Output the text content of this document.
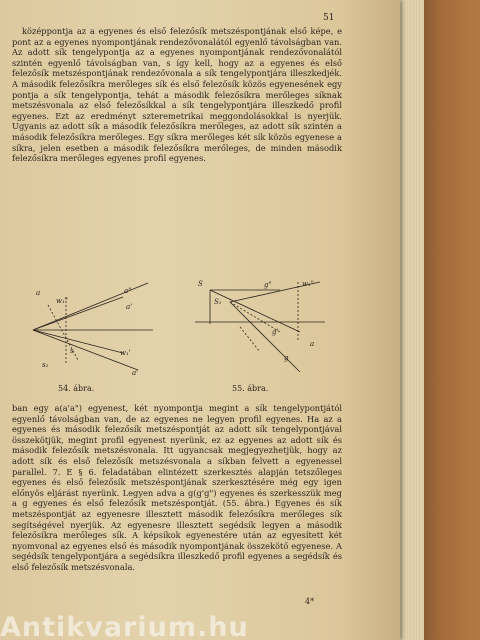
51
középpontja az a egyenes és első felezősík metszéspontjának első képe, e pont az a egyenes nyompontjának rendezővonalától egyenlő távolságban van. Az adott sík tengelypontja az a egyenes nyompontjának rendezővonalától szintén egyenlő távolságban van, s így kell, hogy az a egyenes és első felezősík metszéspontjának rendezővonala a sík tengelypontjára illeszkedjék. A második felezősíkra merőleges sík és első felezősík közös egyenesének egy pontja a sík tengelypontja, tehát a második felezősíkra merőleges síknak metszésvonala az első felezősíkkal a sík tengelypontjára illeszkedő profil egyenes. Ezt az eredményt szteremetrikai meggondolásokkal is nyerjük. Ugyanis az adott sík a második felezősíkra merőleges, az adott sík szintén a második felezősíkra merőleges. Egy síkra merőleges két sík közös egyenese a síkra, jelen esetben a második felezősíkra merőleges, de minden második felezősíkra merőleges egyenes profil egyenes.
a
w₁"
a"
a'
s₂
s	w₁'
a'
S
S₁
g"	w₁"
g'
g
a
54. ábra.	55. ábra.
ban egy a(a'a") egyenest, két nyompontja megint a sík tengelypontjától egyenlő távolságban van, de az egyenes ne legyen profil egyenes. Ha az a egyenes és második felezősík metszéspontját az adott sík tengelypontjával összekötjük, megint profil egyenest nyerünk, ez az egyenes az adott sík és második felezősík metszésvonala. Itt ugyancsak megjegyezhetjük, hogy az adott sík és első felezősík metszésvonala a síkban felvett a egyenessel parallel. 7. E § 6. feladatában elintézett szerkesztés alapján tetszőleges egyenes és első felezősík metszéspontjának szerkesztésére még egy igen előnyös eljárást nyerünk. Legyen adva a g(g'g") egyenes és szerkesszük meg a g egyenes és első felezősík metszéspontját. (55. ábra.) Egyenes és sík metszéspontját az egyenesre illesztett második felezősíkra merőleges sík segítségével nyerjük. Az egyenesre illesztett segédsík legyen a második felezősíkra merőleges sík. A képsíkok egyenestére után az egyesített két nyomvonal az egyenes első és második nyompontjának összekötő egyenese. A segédsík tengelypontjára a segédsíkra illeszkedő profil egyenes a segédsík és első felezősík metszésvonala.
4*
Antikvarium.hu
